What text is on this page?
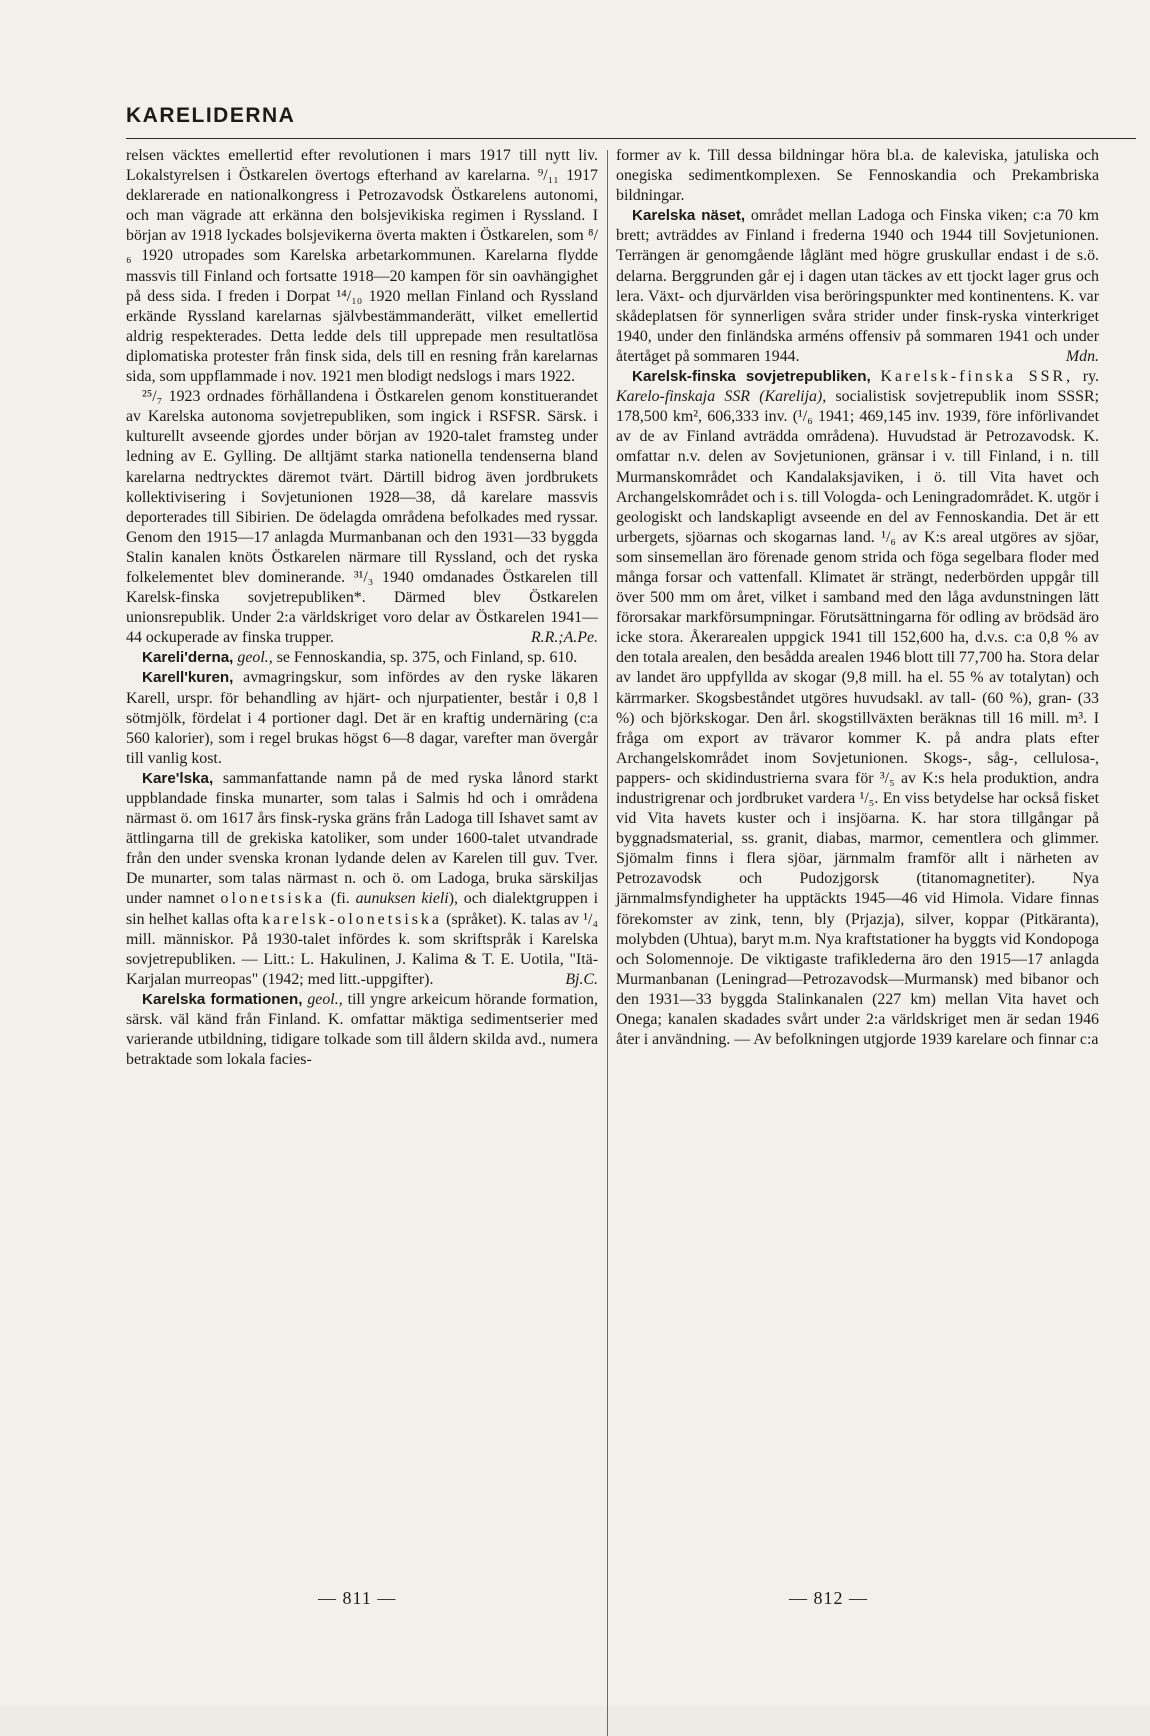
KARELIDERNA

relsen väcktes emellertid efter revolutionen i mars 1917 till nytt liv. Lokalstyrelsen i Östkarelen övertogs efterhand av karelarna. ⁹/₁₁ 1917 deklarerade en nationalkongress i Petrozavodsk Östkarelens autonomi, och man vägrade att erkänna den bolsjevikiska regimen i Ryssland. I början av 1918 lyckades bolsjevikerna överta makten i Östkarelen, som ⁸/₆ 1920 utropades som Karelska arbetarkommunen. Karelarna flydde massvis till Finland och fortsatte 1918—20 kampen för sin oavhängighet på dess sida. I freden i Dorpat ¹⁴/₁₀ 1920 mellan Finland och Ryssland erkände Ryssland karelarnas självbestämmanderätt, vilket emellertid aldrig respekterades. Detta ledde dels till upprepade men resultatlösa diplomatiska protester från finsk sida, dels till en resning från karelarnas sida, som uppflammade i nov. 1921 men blodigt nedslogs i mars 1922.

²⁵/₇ 1923 ordnades förhållandena i Östkarelen genom konstituerandet av Karelska autonoma sovjetrepubliken, som ingick i RSFSR. Särsk. i kulturellt avseende gjordes under början av 1920-talet framsteg under ledning av E. Gylling. De alltjämt starka nationella tendenserna bland karelarna nedtrycktes däremot tvärt. Därtill bidrog även jordbrukets kollektivisering i Sovjetunionen 1928—38, då karelare massvis deporterades till Sibirien. De ödelagda områdena befolkades med ryssar. Genom den 1915—17 anlagda Murmanbanan och den 1931—33 byggda Stalin kanalen knöts Östkarelen närmare till Ryssland, och det ryska folkelementet blev dominerande. ³¹/₃ 1940 omdanades Östkarelen till Karelsk-finska sovjetrepubliken*. Därmed blev Östkarelen unionsrepublik. Under 2:a världskriget voro delar av Östkarelen 1941—44 ockuperade av finska trupper.	R.R.;A.Pe.

Kareli'derna, geol., se Fennoskandia, sp. 375, och Finland, sp. 610.

Karell'kuren, avmagringskur, som infördes av den ryske läkaren Karell, urspr. för behandling av hjärt- och njurpatienter, består i 0,8 l sötmjölk, fördelat i 4 portioner dagl. Det är en kraftig undernäring (c:a 560 kalorier), som i regel brukas högst 6—8 dagar, varefter man övergår till vanlig kost.

Kare'lska, sammanfattande namn på de med ryska lånord starkt uppblandade finska munarter, som talas i Salmis hd och i områdena närmast ö. om 1617 års finsk-ryska gräns från Ladoga till Ishavet samt av ättlingarna till de grekiska katoliker, som under 1600-talet utvandrade från den under svenska kronan lydande delen av Karelen till guv. Tver. De munarter, som talas närmast n. och ö. om Ladoga, bruka särskiljas under namnet olonetsiska (fi. aunuksen kieli), och dialektgruppen i sin helhet kallas ofta karelsk-olonetsiska (språket). K. talas av ¹/₄ mill. människor. På 1930-talet infördes k. som skriftspråk i Karelska sovjetrepubliken. — Litt.: L. Hakulinen, J. Kalima & T. E. Uotila, "Itä-Karjalan murreopas" (1942; med litt.-uppgifter).	Bj.C.

Karelska formationen, geol., till yngre arkeicum hörande formation, särsk. väl känd från Finland. K. omfattar mäktiga sedimentserier med varierande utbildning, tidigare tolkade som till åldern skilda avd., numera betraktade som lokala facies-

former av k. Till dessa bildningar höra bl.a. de kaleviska, jatuliska och onegiska sedimentkomplexen. Se Fennoskandia och Prekambriska bildningar.

Karelska näset, området mellan Ladoga och Finska viken; c:a 70 km brett; avträddes av Finland i frederna 1940 och 1944 till Sovjetunionen. Terrängen är genomgående låglänt med högre gruskullar endast i de s.ö. delarna. Berggrunden går ej i dagen utan täckes av ett tjockt lager grus och lera. Växt- och djurvärlden visa beröringspunkter med kontinentens. K. var skådeplatsen för synnerligen svåra strider under finsk-ryska vinterkriget 1940, under den finländska arméns offensiv på sommaren 1941 och under återtåget på sommaren 1944.	Mdn.

Karelsk-finska sovjetrepubliken, Karelsk-finska SSR, ry. Karelo-finskaja SSR (Karelija), socialistisk sovjetrepublik inom SSSR; 178,500 km², 606,333 inv. (¹/₆ 1941; 469,145 inv. 1939, före införlivandet av de av Finland avträdda områdena). Huvudstad är Petrozavodsk. K. omfattar n.v. delen av Sovjetunionen, gränsar i v. till Finland, i n. till Murmanskområdet och Kandalaksjaviken, i ö. till Vita havet och Archangelskområdet och i s. till Vologda- och Leningradområdet. K. utgör i geologiskt och landskapligt avseende en del av Fennoskandia. Det är ett urbergets, sjöarnas och skogarnas land. ¹/₆ av K:s areal utgöres av sjöar, som sinsemellan äro förenade genom strida och föga segelbara floder med många forsar och vattenfall. Klimatet är strängt, nederbörden uppgår till över 500 mm om året, vilket i samband med den låga avdunstningen lätt förorsakar markförsumpningar. Förutsättningarna för odling av brödsäd äro icke stora. Åkerarealen uppgick 1941 till 152,600 ha, d.v.s. c:a 0,8 % av den totala arealen, den besådda arealen 1946 blott till 77,700 ha. Stora delar av landet äro uppfyllda av skogar (9,8 mill. ha el. 55 % av totalytan) och kärrmarker. Skogsbeståndet utgöres huvudsakl. av tall- (60 %), gran- (33 %) och björkskogar. Den årl. skogstillväxten beräknas till 16 mill. m³. I fråga om export av trävaror kommer K. på andra plats efter Archangelskområdet inom Sovjetunionen. Skogs-, såg-, cellulosa-, pappers- och skidindustrierna svara för ³/₅ av K:s hela produktion, andra industrigrenar och jordbruket vardera ¹/₅. En viss betydelse har också fisket vid Vita havets kuster och i insjöarna. K. har stora tillgångar på byggnadsmaterial, ss. granit, diabas, marmor, cementlera och glimmer. Sjömalm finns i flera sjöar, järnmalm framför allt i närheten av Petrozavodsk och Pudozjgorsk (titanomagnetiter). Nya järnmalmsfyndigheter ha upptäckts 1945—46 vid Himola. Vidare finnas förekomster av zink, tenn, bly (Prjazja), silver, koppar (Pitkäranta), molybden (Uhtua), baryt m.m. Nya kraftstationer ha byggts vid Kondopoga och Solomennoje. De viktigaste trafiklederna äro den 1915—17 anlagda Murmanbanan (Leningrad—Petrozavodsk—Murmansk) med bibanor och den 1931—33 byggda Stalinkanalen (227 km) mellan Vita havet och Onega; kanalen skadades svårt under 2:a världskriget men är sedan 1946 åter i användning. — Av befolkningen utgjorde 1939 karelare och finnar c:a

— 811 —	— 812 —
